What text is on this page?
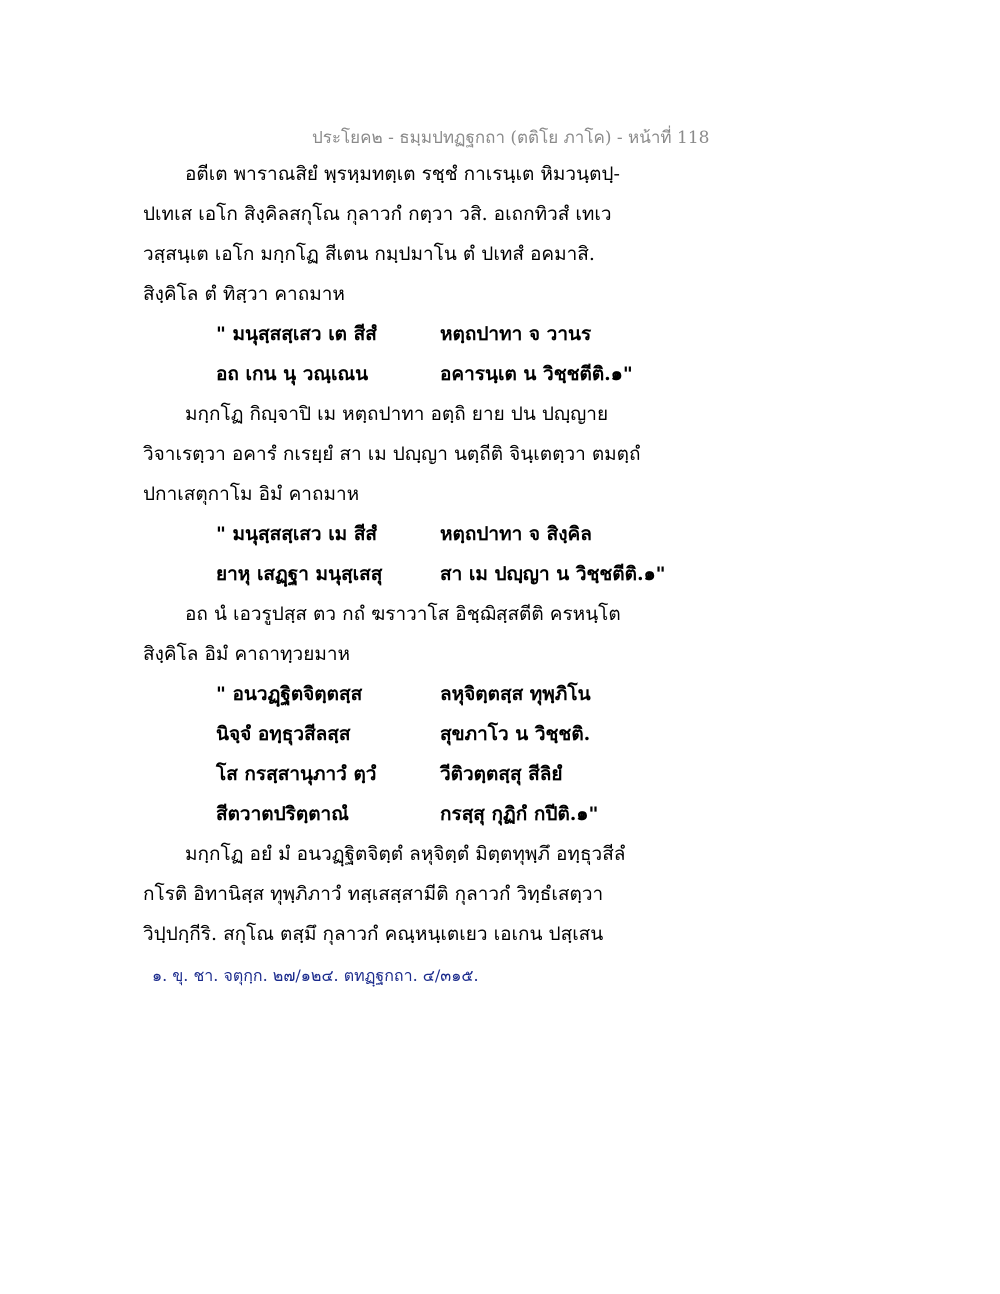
ประโยค๒ - ธมฺมปทฏฐกถา (ตติโย ภาโค) - หน้าที่ 118
อตีเต พาราณสิยํ พฺรหฺมทตฺเต รชฺชํ กาเรนฺเต หิมวนฺตปฺ-
ปเทเส เอโก สิงฺคิลสกุโณ กุลาวกํ กตฺวา วสิ. อเถกทิวสํ เทเว
วสฺสนฺเต เอโก มกฺกโฏ สีเตน กมฺปมาโน ตํ ปเทสํ อคมาสิ.
สิงฺคิโล ตํ ทิสฺวา คาถมาห
" มนุสฺสสฺเสว เต สีสํ	หตฺถปาทา จ วานร
อถ เกน นุ วณฺเณน	อคารนฺเต น วิชฺชตีติ.๑"
มกฺกโฏ กิญฺจาปิ เม หตฺถปาทา อตฺถิ ยาย ปน ปญฺญาย
วิจาเรตฺวา อคารํ กเรยฺยํ สา เม ปญฺญา นตฺถีติ จินฺเตตฺวา ตมตฺถํ
ปกาเสตุกาโม อิมํ คาถมาห
" มนุสฺสสฺเสว เม สีสํ	หตฺถปาทา จ สิงฺคิล
ยาหุ เสฏฺฐา มนุสฺเสสุ	สา เม ปญฺญา น วิชฺชตีติ.๑"
อถ นํ เอวรูปสฺส ตว กถํ ฆราวาโส อิชฺฌิสฺสตีติ ครหนฺโต
สิงฺคิโล อิมํ คาถาทฺวยมาห
" อนวฏฺฐิตจิตฺตสฺส	ลหุจิตฺตสฺส ทุพฺภิโน
นิจฺจํ อทฺธุวสีลสฺส	สุขภาโว น วิชฺชติ.
โส กรสฺสานุภาวํ ตฺวํ	วีติวตฺตสฺสุ สีลิยํ
สีตวาตปริตฺตาณํ	กรสฺสุ กุฏิกํ กปีติ.๑"
มกฺกโฏ อยํ มํ อนวฏฺฐิตจิตฺตํ ลหุจิตฺตํ มิตฺตทุพฺภึ อทฺธุวสีลํ
กโรติ อิทานิสฺส ทุพฺภิภาวํ ทสฺเสสฺสามีติ กุลาวกํ วิทฺธํเสตฺวา
วิปฺปกฺกีริ. สกุโณ ตสฺมึ กุลาวกํ คณฺหนฺเตเยว เอเกน ปสฺเสน
๑. ขุ. ชา. จตุกฺก. ๒๗/๑๒๔. ตทฏฺฐกถา. ๔/๓๑๕.
